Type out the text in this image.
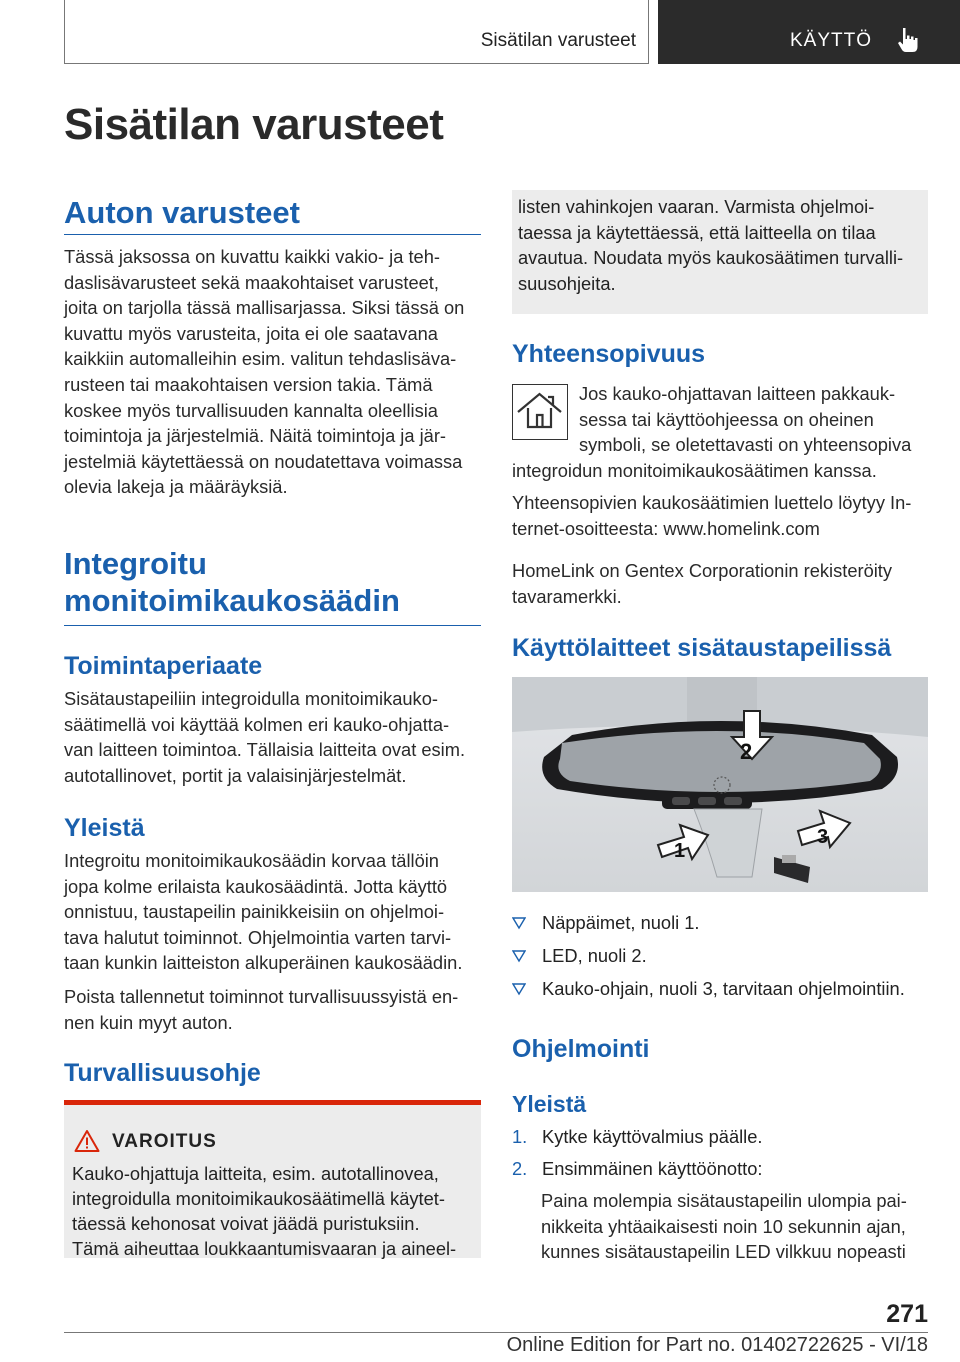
Sisätilan varusteet	KÄYTTÖ
Sisätilan varusteet
Auton varusteet
Tässä jaksossa on kuvattu kaikki vakio- ja teh-
daslisävarusteet sekä maakohtaiset varusteet,
joita on tarjolla tässä mallisarjassa. Siksi tässä on
kuvattu myös varusteita, joita ei ole saatavana
kaikkiin automalleihin esim. valitun tehdaslisäva-
rusteen tai maakohtaisen version takia. Tämä
koskee myös turvallisuuden kannalta oleellisia
toimintoja ja järjestelmiä. Näitä toimintoja ja jär-
jestelmiä käytettäessä on noudatettava voimassa
olevia lakeja ja määräyksiä.
Integroitu
monitoimikaukosäädin
Toimintaperiaate
Sisätaustapeiliin integroidulla monitoimikauko-
säätimellä voi käyttää kolmen eri kauko-ohjatta-
van laitteen toimintoa. Tällaisia laitteita ovat esim.
autotallinovet, portit ja valaisinjärjestelmät.
Yleistä
Integroitu monitoimikaukosäädin korvaa tällöin
jopa kolme erilaista kaukosäädintä. Jotta käyttö
onnistuu, taustapeilin painikkeisiin on ohjelmoi-
tava halutut toiminnot. Ohjelmointia varten tarvi-
taan kunkin laitteiston alkuperäinen kaukosäädin.
Poista tallennetut toiminnot turvallisuussyistä en-
nen kuin myyt auton.
Turvallisuusohje
VAROITUS
Kauko-ohjattuja laitteita, esim. autotallinovea,
integroidulla monitoimikaukosäätimellä käytet-
täessä kehonosat voivat jäädä puristuksiin.
Tämä aiheuttaa loukkaantumisvaaran ja aineel-

listen vahinkojen vaaran. Varmista ohjelmoi-
taessa ja käytettäessä, että laitteella on tilaa
avautua. Noudata myös kaukosäätimen turvalli-
suusohjeita.

Yhteensopivuus
Jos kauko-ohjattavan laitteen pakkauk-
sessa tai käyttöohjeessa on oheinen
symboli, se oletettavasti on yhteensopiva
integroidun monitoimikaukosäätimen kanssa.
Yhteensopivien kaukosäätimien luettelo löytyy In-
ternet-osoitteesta: www.homelink.com
HomeLink on Gentex Corporationin rekisteröity
tavaramerkki.
Käyttölaitteet sisätaustapeilissä
2
1
3
Näppäimet, nuoli 1.
LED, nuoli 2.
Kauko-ohjain, nuoli 3, tarvitaan ohjelmointiin.
Ohjelmointi
Yleistä
1. Kytke käyttövalmius päälle.
2. Ensimmäinen käyttöönotto:
Paina molempia sisätaustapeilin ulompia pai-
nikkeita yhtäaikaisesti noin 10 sekunnin ajan,
kunnes sisätaustapeilin LED vilkkuu nopeasti
271
Online Edition for Part no. 01402722625 - VI/18
